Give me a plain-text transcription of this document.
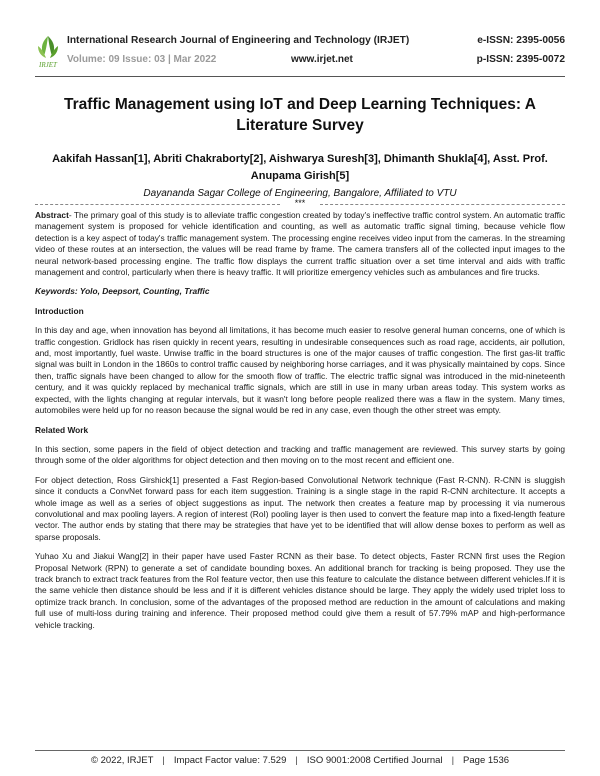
IRJET
International Research Journal of Engineering and Technology (IRJET)	e-ISSN: 2395-0056
Volume: 09 Issue: 03 | Mar 2022	www.irjet.net	p-ISSN: 2395-0072
Traffic Management using IoT and Deep Learning Techniques: A Literature Survey
Aakifah Hassan[1], Abriti Chakraborty[2], Aishwarya Suresh[3], Dhimanth Shukla[4], Asst. Prof. Anupama Girish[5]
Dayananda Sagar College of Engineering, Bangalore, Affiliated to VTU
***

Abstract- The primary goal of this study is to alleviate traffic congestion created by today's ineffective traffic control system. An automatic traffic management system is proposed for vehicle identification and counting, as well as automatic traffic signal timing, because vehicle flow detection is a key aspect of today's traffic management system. The processing engine receives video input from the cameras. In the streaming video of these routes at an intersection, the values will be read frame by frame. The camera transfers all of the collected input images to the neural network-based processing engine. The traffic flow displays the current traffic situation over a set time interval and aids with traffic management and control, particularly when there is heavy traffic. It will prioritize emergency vehicles such as ambulances and fire trucks.

Keywords: Yolo, Deepsort, Counting, Traffic

Introduction

In this day and age, when innovation has beyond all limitations, it has become much easier to resolve general human concerns, one of which is traffic congestion. Gridlock has risen quickly in recent years, resulting in undesirable consequences such as road rage, accidents, air pollution, and, most importantly, fuel waste. Unwise traffic in the board structures is one of the major causes of traffic congestion. The first gas-lit traffic signal was built in London in the 1860s to control traffic caused by neighboring horse carriages, and it was physically maintained by cops. Since then, traffic signals have been changed to allow for the smooth flow of traffic. The electric traffic signal was introduced in the mid-nineteenth century, and it was quickly replaced by mechanical traffic signals, which are still in use in many urban areas today. This system works as expected, with the lights changing at regular intervals, but it wasn't long before people realized there was a flaw in the system. Many times, automobiles were held up for no reason because the signal would be red in any case, even though the other street was empty.

Related Work

In this section, some papers in the field of object detection and tracking and traffic management are reviewed. This survey starts by going through some of the older algorithms for object detection and then moving on to the most recent and efficient one.

For object detection, Ross Girshick[1] presented a Fast Region-based Convolutional Network technique (Fast R-CNN). R-CNN is sluggish since it conducts a ConvNet forward pass for each item suggestion. Training is a single stage in the rapid R-CNN architecture. It accepts a whole image as well as a series of object suggestions as input. The network then creates a feature map by processing it via numerous convolutional and max pooling layers. A region of interest (RoI) pooling layer is then used to convert the feature map into a fixed-length feature vector. The author ends by stating that there may be strategies that have yet to be identified that will allow dense boxes to perform as well as sparse proposals.

Yuhao Xu and Jiakui Wang[2] in their paper have used Faster RCNN as their base. To detect objects, Faster RCNN first uses the Region Proposal Network (RPN) to generate a set of candidate bounding boxes. An additional branch for tracking is being proposed. They use the track branch to extract track features from the RoI feature vector, then use this feature to calculate the distance between different vehicles.If it is the same vehicle then distance should be less and if it is different vehicles distance should be large. They apply the widely used triplet loss to optimize track branch. In conclusion, some of the advantages of the proposed method are reduction in the amount of calculations and making full use of multi-loss during training and inference. Their proposed method could give them a result of 57.79% mAP and high-performance vehicle tracking.

© 2022, IRJET | Impact Factor value: 7.529 | ISO 9001:2008 Certified Journal | Page 1536
